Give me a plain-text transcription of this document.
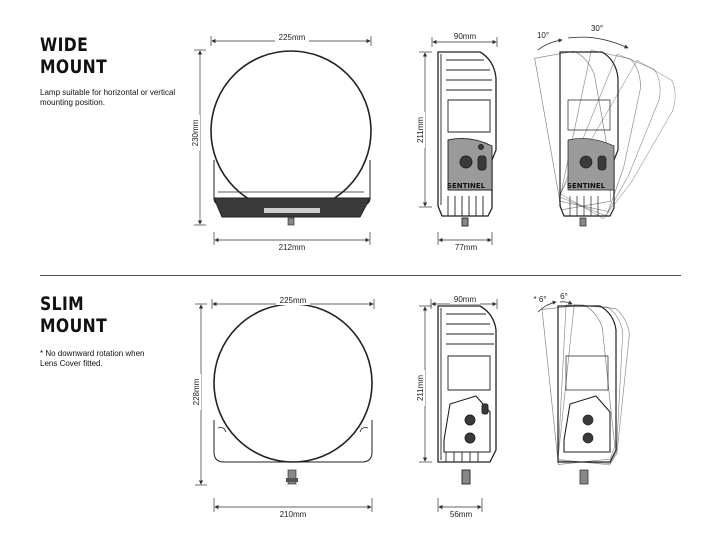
WIDE
MOUNT
Lamp suitable for horizontal or vertical mounting position.
SLIM
MOUNT
* No downward rotation when Lens Cover fitted.
225mm
230mm
212mm
SENTINEL
90mm
211mm
77mm
SENTINEL
10°
30°
225mm
228mm
210mm
90mm
211mm
56mm
* 6° 6°
